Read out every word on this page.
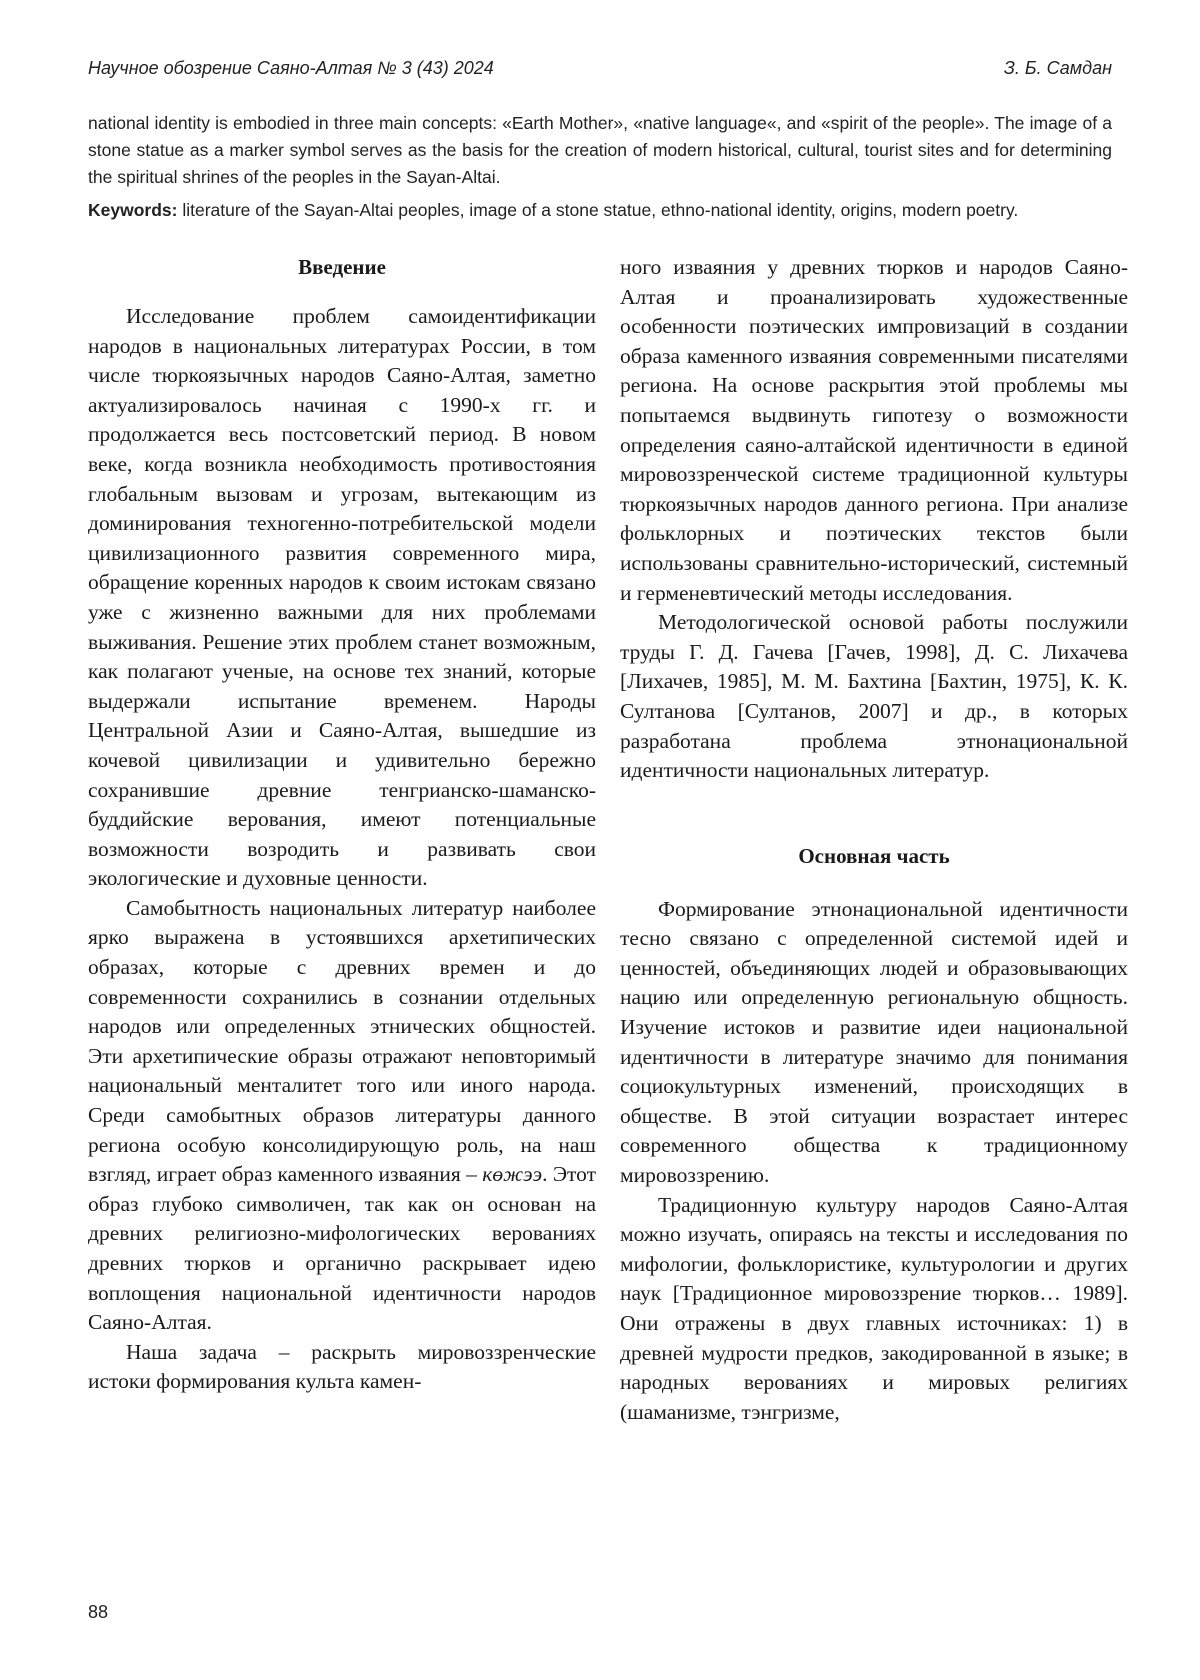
Научное обозрение Саяно-Алтая № 3 (43) 2024	З. Б. Самдан

national identity is embodied in three main concepts: «Earth Mother», «native language«, and «spirit of the people». The image of a stone statue as a marker symbol serves as the basis for the creation of modern historical, cultural, tourist sites and for determining the spiritual shrines of the peoples in the Sayan-Altai.

Keywords: literature of the Sayan-Altai peoples, image of a stone statue, ethno-national identity, origins, modern poetry.

Введение

Исследование проблем самоидентификации народов в национальных литературах России, в том числе тюркоязычных народов Саяно-Алтая, заметно актуализировалось начиная с 1990-х гг. и продолжается весь постсоветский период. В новом веке, когда возникла необходимость противостояния глобальным вызовам и угрозам, вытекающим из доминирования техногенно-потребительской модели цивилизационного развития современного мира, обращение коренных народов к своим истокам связано уже с жизненно важными для них проблемами выживания. Решение этих проблем станет возможным, как полагают ученые, на основе тех знаний, которые выдержали испытание временем. Народы Центральной Азии и Саяно-Алтая, вышедшие из кочевой цивилизации и удивительно бережно сохранившие древние тенгрианско-шаманско-буддийские верования, имеют потенциальные возможности возродить и развивать свои экологические и духовные ценности.

Самобытность национальных литератур наиболее ярко выражена в устоявшихся архетипических образах, которые с древних времен и до современности сохранились в сознании отдельных народов или определенных этнических общностей. Эти архетипические образы отражают неповторимый национальный менталитет того или иного народа. Среди самобытных образов литературы данного региона особую консолидирующую роль, на наш взгляд, играет образ каменного изваяния – көжээ. Этот образ глубоко символичен, так как он основан на древних религиозно-мифологических верованиях древних тюрков и органично раскрывает идею воплощения национальной идентичности народов Саяно-Алтая.

Наша задача – раскрыть мировоззренческие истоки формирования культа камен-

ного изваяния у древних тюрков и народов Саяно-Алтая и проанализировать художественные особенности поэтических импровизаций в создании образа каменного изваяния современными писателями региона. На основе раскрытия этой проблемы мы попытаемся выдвинуть гипотезу о возможности определения саяно-алтайской идентичности в единой мировоззренческой системе традиционной культуры тюркоязычных народов данного региона. При анализе фольклорных и поэтических текстов были использованы сравнительно-исторический, системный и герменевтический методы исследования.

Методологической основой работы послужили труды Г. Д. Гачева [Гачев, 1998], Д. С. Лихачева [Лихачев, 1985], М. М. Бахтина [Бахтин, 1975], К. К. Султанова [Султанов, 2007] и др., в которых разработана проблема этнонациональной идентичности национальных литератур.

Основная часть

Формирование этнонациональной идентичности тесно связано с определенной системой идей и ценностей, объединяющих людей и образовывающих нацию или определенную региональную общность. Изучение истоков и развитие идеи национальной идентичности в литературе значимо для понимания социокультурных изменений, происходящих в обществе. В этой ситуации возрастает интерес современного общества к традиционному мировоззрению.

Традиционную культуру народов Саяно-Алтая можно изучать, опираясь на тексты и исследования по мифологии, фольклористике, культурологии и других наук [Традиционное мировоззрение тюрков… 1989]. Они отражены в двух главных источниках: 1) в древней мудрости предков, закодированной в языке; в народных верованиях и мировых религиях (шаманизме, тэнгризме,

88
